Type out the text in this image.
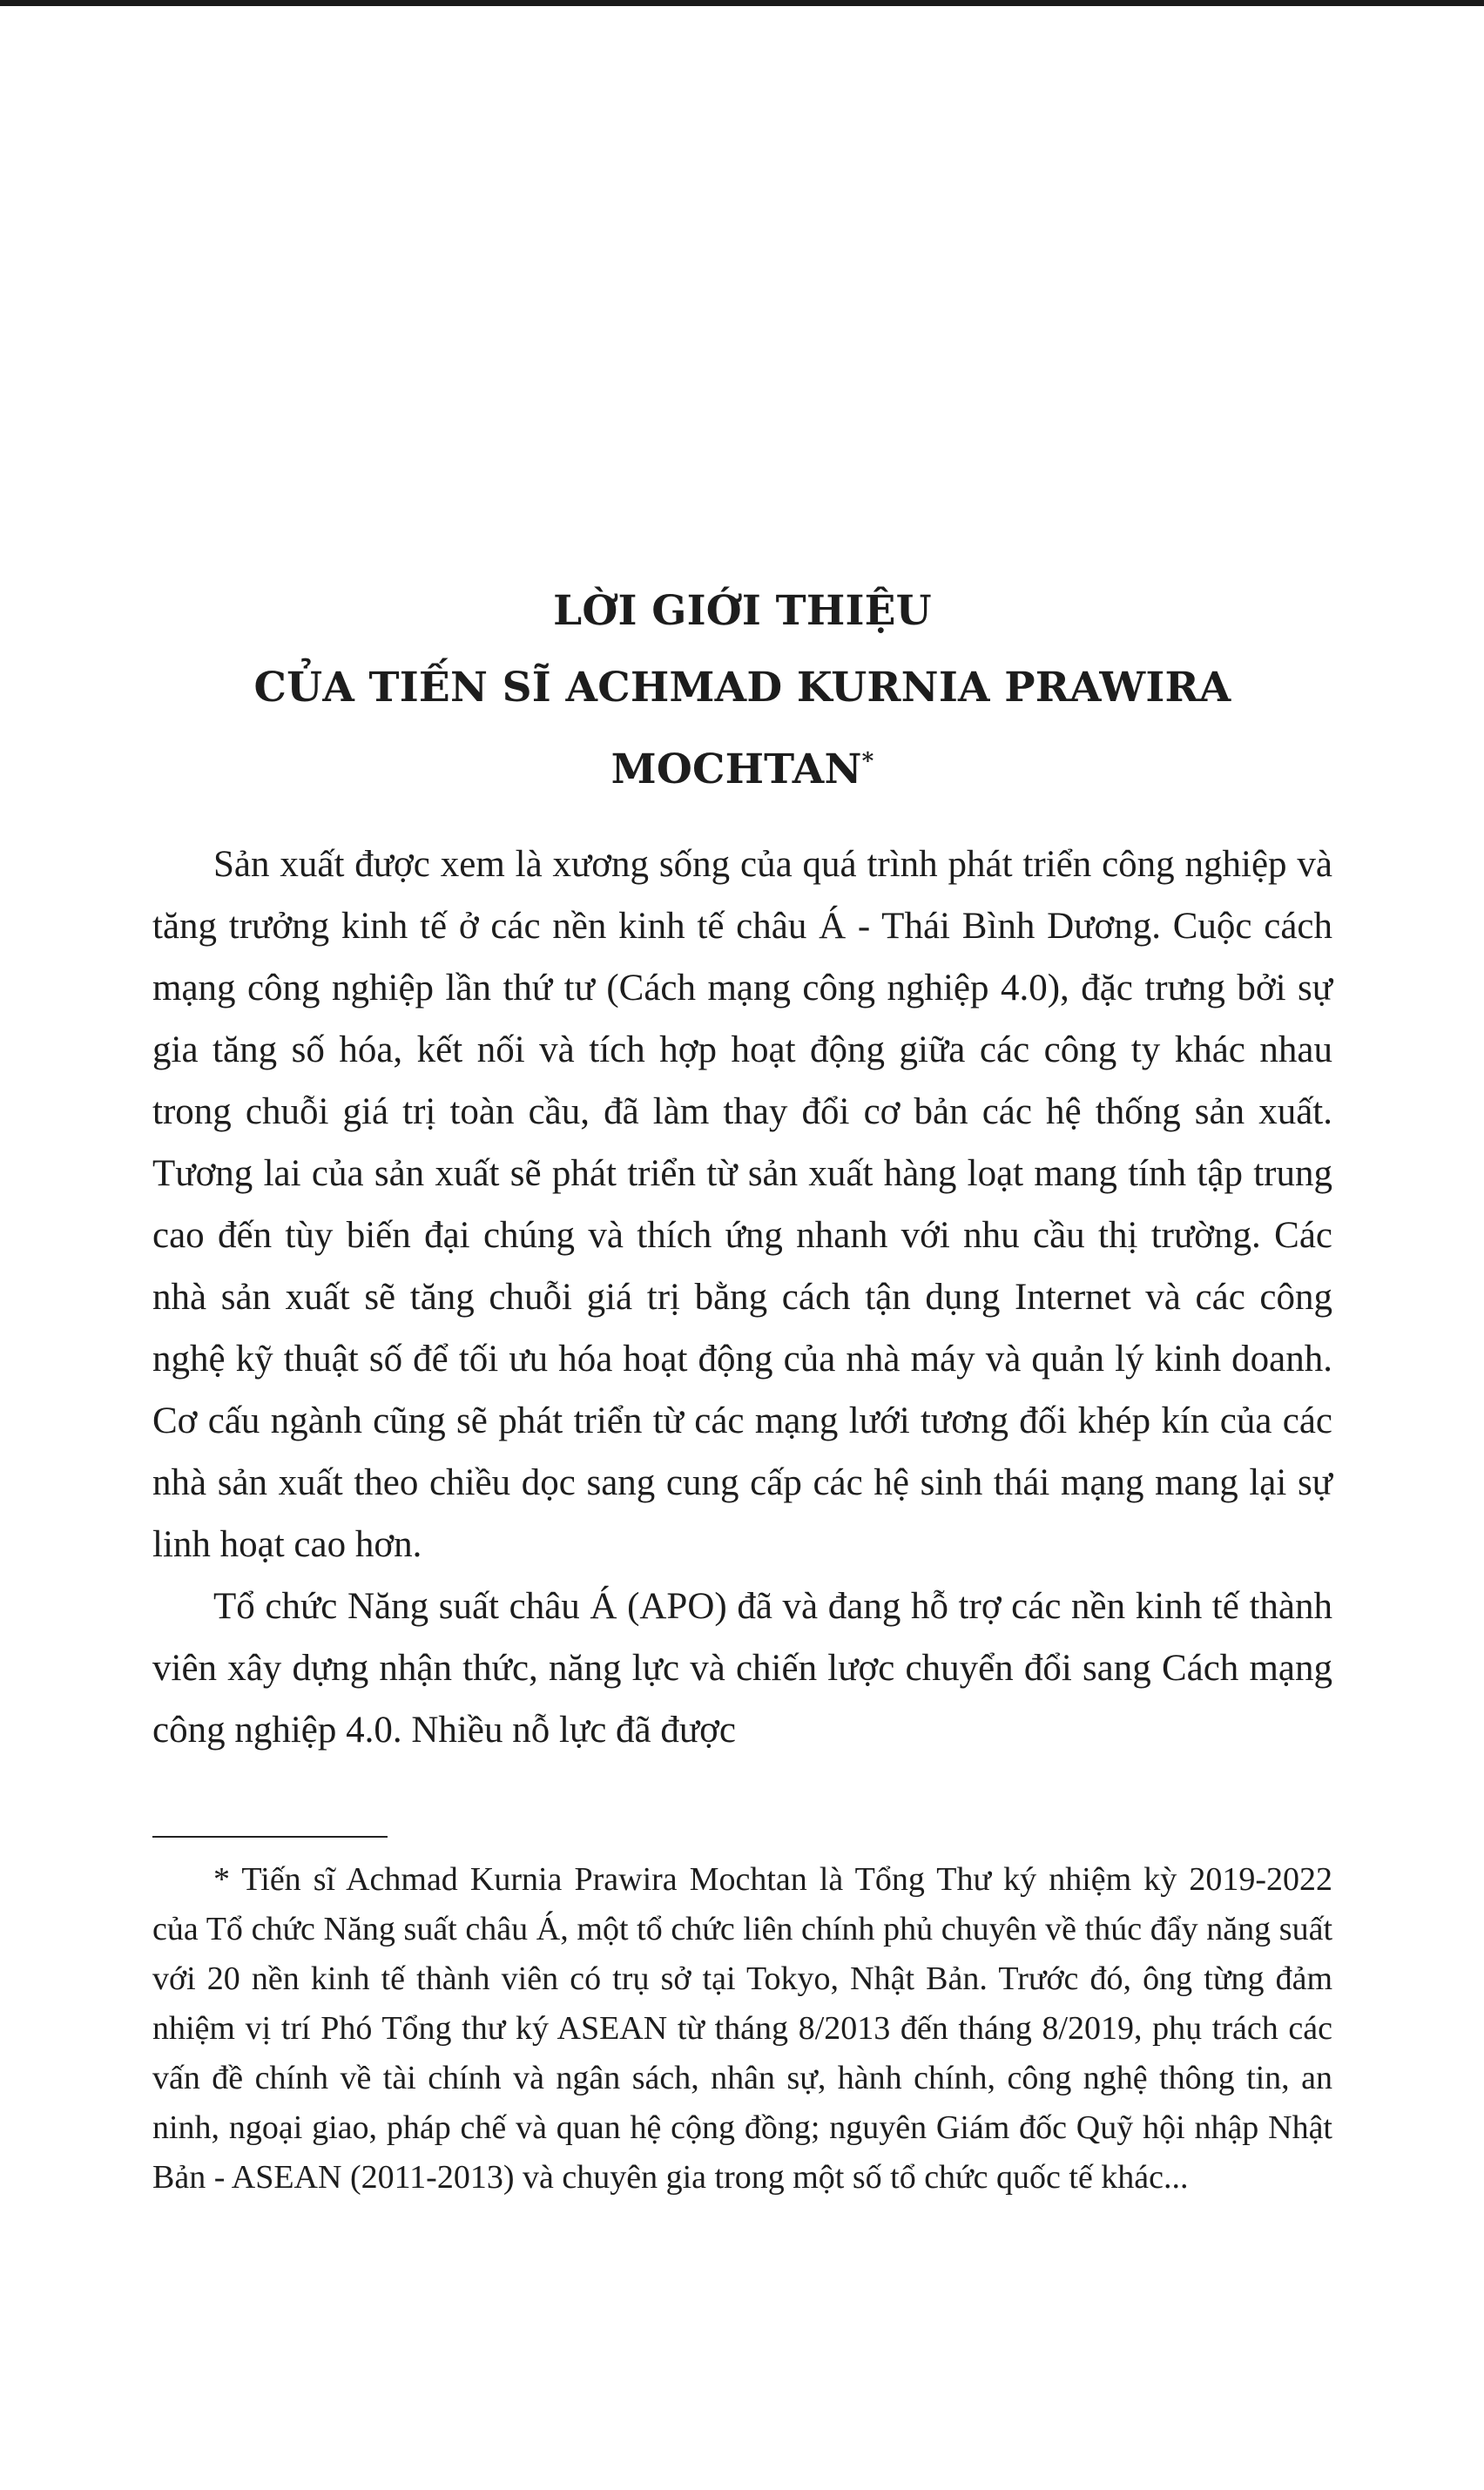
LỜI GIỚI THIỆU
CỦA TIẾN SĨ ACHMAD KURNIA PRAWIRA MOCHTAN*

Sản xuất được xem là xương sống của quá trình phát triển công nghiệp và tăng trưởng kinh tế ở các nền kinh tế châu Á - Thái Bình Dương. Cuộc cách mạng công nghiệp lần thứ tư (Cách mạng công nghiệp 4.0), đặc trưng bởi sự gia tăng số hóa, kết nối và tích hợp hoạt động giữa các công ty khác nhau trong chuỗi giá trị toàn cầu, đã làm thay đổi cơ bản các hệ thống sản xuất. Tương lai của sản xuất sẽ phát triển từ sản xuất hàng loạt mang tính tập trung cao đến tùy biến đại chúng và thích ứng nhanh với nhu cầu thị trường. Các nhà sản xuất sẽ tăng chuỗi giá trị bằng cách tận dụng Internet và các công nghệ kỹ thuật số để tối ưu hóa hoạt động của nhà máy và quản lý kinh doanh. Cơ cấu ngành cũng sẽ phát triển từ các mạng lưới tương đối khép kín của các nhà sản xuất theo chiều dọc sang cung cấp các hệ sinh thái mạng mang lại sự linh hoạt cao hơn.

Tổ chức Năng suất châu Á (APO) đã và đang hỗ trợ các nền kinh tế thành viên xây dựng nhận thức, năng lực và chiến lược chuyển đổi sang Cách mạng công nghiệp 4.0. Nhiều nỗ lực đã được

* Tiến sĩ Achmad Kurnia Prawira Mochtan là Tổng Thư ký nhiệm kỳ 2019-2022 của Tổ chức Năng suất châu Á, một tổ chức liên chính phủ chuyên về thúc đẩy năng suất với 20 nền kinh tế thành viên có trụ sở tại Tokyo, Nhật Bản. Trước đó, ông từng đảm nhiệm vị trí Phó Tổng thư ký ASEAN từ tháng 8/2013 đến tháng 8/2019, phụ trách các vấn đề chính về tài chính và ngân sách, nhân sự, hành chính, công nghệ thông tin, an ninh, ngoại giao, pháp chế và quan hệ cộng đồng; nguyên Giám đốc Quỹ hội nhập Nhật Bản - ASEAN (2011-2013) và chuyên gia trong một số tổ chức quốc tế khác...
